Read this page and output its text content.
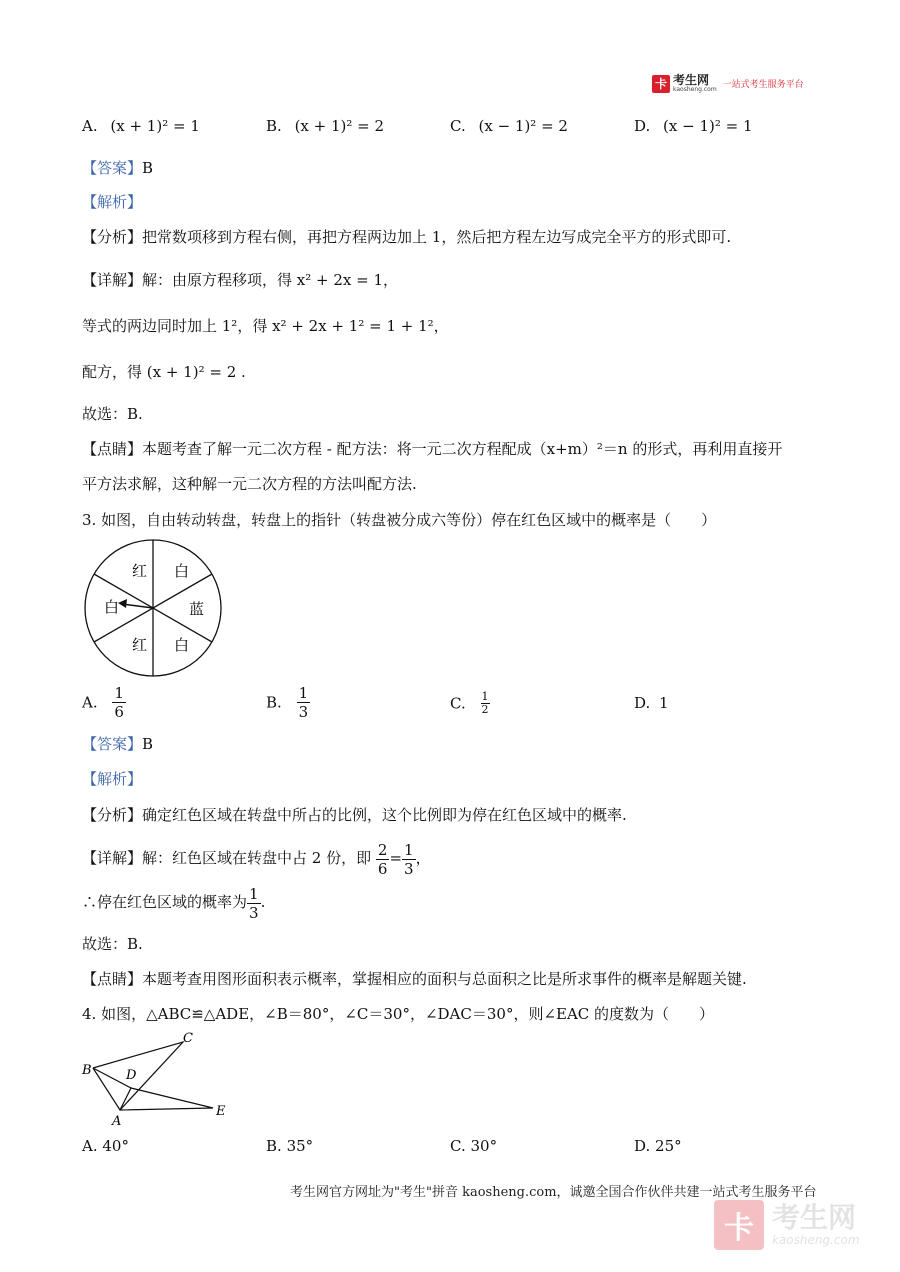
卡 考生网
kaosheng.com 一站式考生服务平台
A. (x + 1)² = 1	B. (x + 1)² = 2	C. (x − 1)² = 2	D. (x − 1)² = 1
【答案】B
【解析】
【分析】把常数项移到方程右侧，再把方程两边加上 1，然后把方程左边写成完全平方的形式即可.
【详解】解：由原方程移项，得 x² + 2x = 1，
等式的两边同时加上 1²，得 x² + 2x + 1² = 1 + 1²，
配方，得 (x + 1)² = 2 .
故选：B.
【点睛】本题考查了解一元二次方程 - 配方法：将一元二次方程配成（x+m）²＝n 的形式，再利用直接开
平方法求解，这种解一元二次方程的方法叫配方法.
3. 如图，自由转动转盘，转盘上的指针（转盘被分成六等份）停在红色区域中的概率是（　　）
红 白
蓝
白
红
白
A. $\frac{1}{6}$	B. $\frac{1}{3}$	C. $\frac{1}{2}$	D. 1
【答案】B
【解析】
【分析】确定红色区域在转盘中所占的比例，这个比例即为停在红色区域中的概率.
【详解】解：红色区域在转盘中占 2 份，即 $\frac{2}{6} = \frac{1}{3}$ ，
∴停在红色区域的概率为 $\frac{1}{3}$ .
故选：B.
【点睛】本题考查用图形面积表示概率，掌握相应的面积与总面积之比是所求事件的概率是解题关键.
4. 如图，△ABC≌△ADE，∠B＝80°，∠C＝30°，∠DAC＝30°，则∠EAC 的度数为（　　）
C
B	D
A
E
A. 40°	B. 35°	C. 30°	D. 25°
考生网官方网址为"考生"拼音 kaosheng.com，诚邀全国合作伙伴共建一站式考生服务平台
卡 考生网
kaosheng.com
